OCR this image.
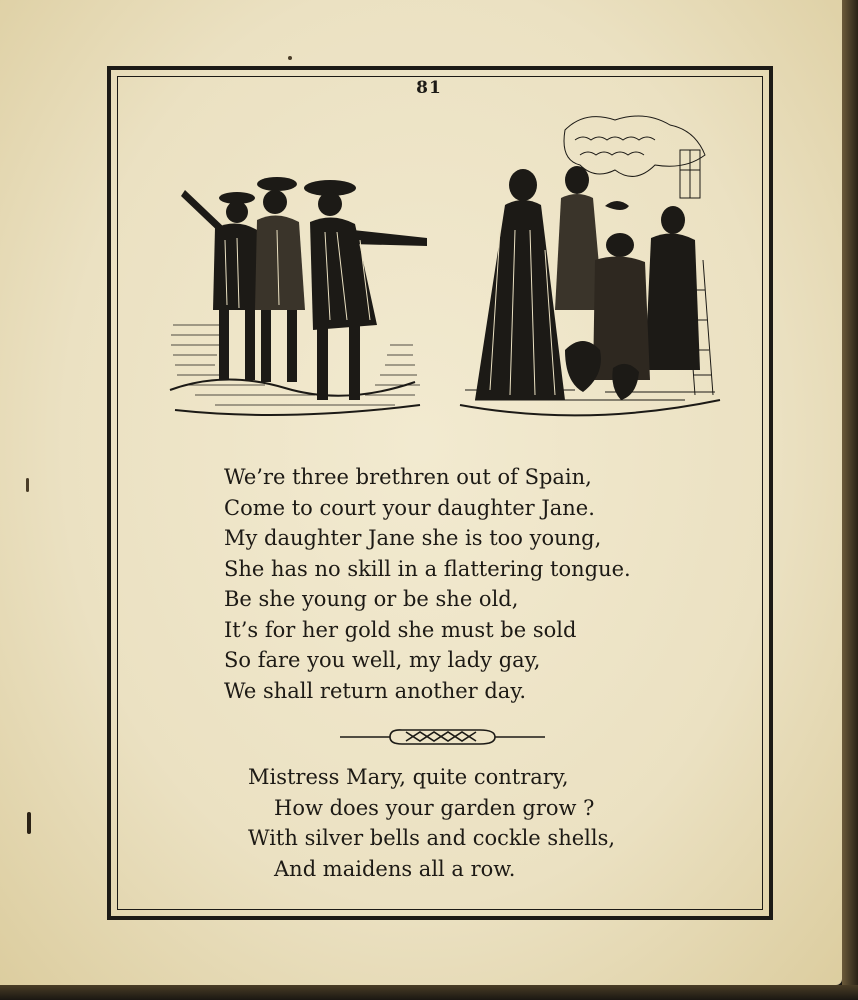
81
We’re three brethren out of Spain,
Come to court your daughter Jane.
My daughter Jane she is too young,
She has no skill in a flattering tongue.
Be she young or be she old,
It’s for her gold she must be sold
So fare you well, my lady gay,
We shall return another day.
Mistress Mary, quite contrary,
How does your garden grow ?
With silver bells and cockle shells,
And maidens all a row.
